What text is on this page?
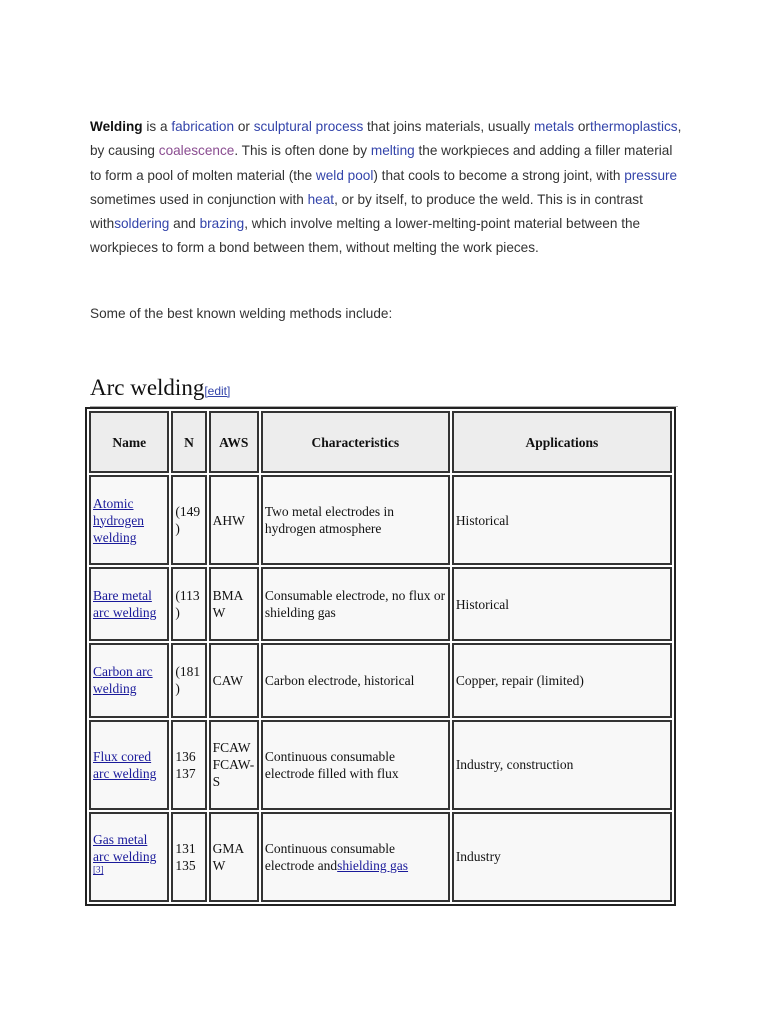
Welding is a fabrication or sculptural process that joins materials, usually metals orthermoplastics, by causing coalescence. This is often done by melting the workpieces and adding a filler material to form a pool of molten material (the weld pool) that cools to become a strong joint, with pressure sometimes used in conjunction with heat, or by itself, to produce the weld. This is in contrast withsoldering and brazing, which involve melting a lower-melting-point material between the workpieces to form a bond between them, without melting the work pieces.

Some of the best known welding methods include:

Arc welding[edit]
Name	N	AWS	Characteristics	Applications
Atomic hydrogen welding	(149)	AHW	Two metal electrodes in hydrogen atmosphere	Historical
Bare metal arc welding	(113)	BMAW	Consumable electrode, no flux or shielding gas	Historical
Carbon arc welding	(181)	CAW	Carbon electrode, historical	Copper, repair (limited)
Flux cored arc welding	136 137	FCAW FCAW-S	Continuous consumable electrode filled with flux	Industry, construction
Gas metal arc welding [3]	131 135	GMAW	Continuous consumable electrode andshielding gas	Industry
